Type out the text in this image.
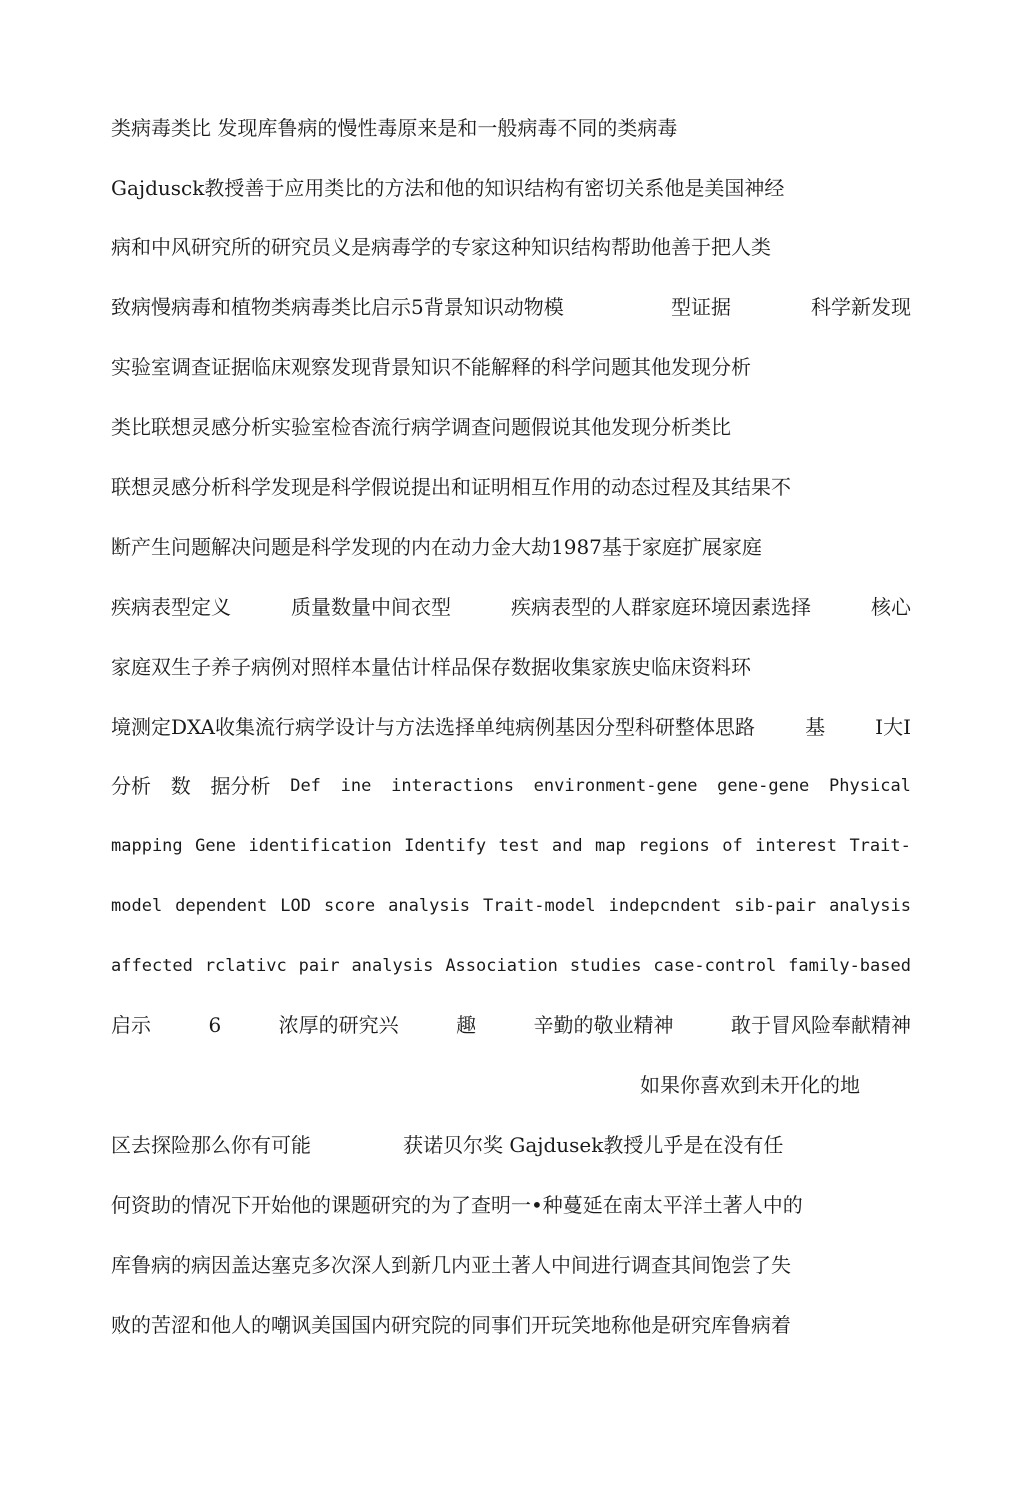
类病毒类比 发现库鲁病的慢性毒原来是和一般病毒不同的类病毒
Gajdusck教授善于应用类比的方法和他的知识结构有密切关系他是美国神经
病和中风研究所的研究员义是病毒学的专家这种知识结构帮助他善于把人类
致病慢病毒和植物类病毒类比启示5背景知识动物模	型证据	科学新发现
实验室调查证据临床观察发现背景知识不能解释的科学问题其他发现分析
类比联想灵感分析实验室检杳流行病学调查问题假说其他发现分析类比
联想灵感分析科学发现是科学假说提出和证明相互作用的动态过程及其结果不
断产生问题解决问题是科学发现的内在动力金大劫1987基于家庭扩展家庭
疾病表型定义	质量数量中间衣型	疾病表型的人群家庭环境因素选择	核心
家庭双生子养子病例对照样本量估计样品保存数据收集家族史临床资料环
境测定DXA收集流行病学设计与方法选择单纯病例基因分型科研整体思路	基	I大I
分析 数 据分析 Def ine interactions environment-gene gene-gene Physical
mapping Gene identification Identify test and map regions of interest Trait-
model dependent LOD score analysis Trait-model indepcndent sib-pair analysis
affected rclativc pair analysis Association studies case-control family-based
启示	6	浓厚的研究兴	趣	辛勤的敬业精神	敢于冒风险奉献精神
如果你喜欢到未开化的地
区去探险那么你有可能	获诺贝尔奖 Gajdusek教授儿乎是在没有任
何资助的情况下开始他的课题研究的为了查明一•种蔓延在南太平洋土著人中的
库鲁病的病因盖达塞克多次深人到新几内亚土著人中间进行调查其间饱尝了失
败的苦涩和他人的嘲讽美国国内研究院的同事们开玩笑地称他是研究库鲁病着
